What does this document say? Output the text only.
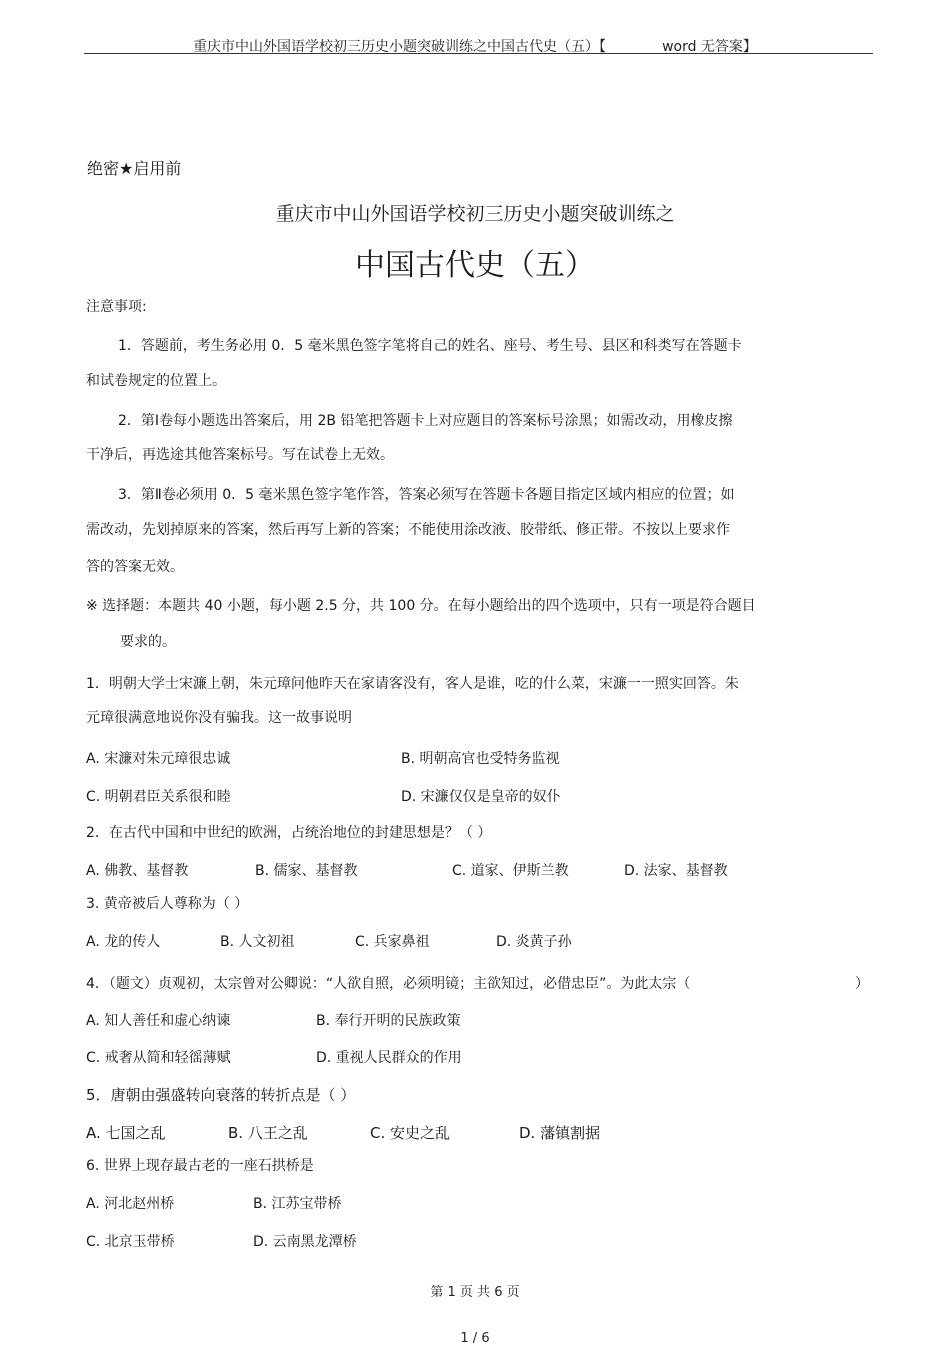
重庆市中山外国语学校初三历史小题突破训练之中国古代史（五）【	word 无答案】
绝密★启用前
重庆市中山外国语学校初三历史小题突破训练之
中国古代史（五）
注意事项:
1．答题前，考生务必用 0．5 毫米黑色签字笔将自己的姓名、座号、考生号、县区和科类写在答题卡
和试卷规定的位置上。
2．第Ⅰ卷每小题选出答案后，用 2B 铅笔把答题卡上对应题目的答案标号涂黑；如需改动，用橡皮擦
干净后，再选途其他答案标号。写在试卷上无效。
3．第Ⅱ卷必须用 0．5 毫米黑色签字笔作答，答案必须写在答题卡各题目指定区域内相应的位置；如
需改动，先划掉原来的答案，然后再写上新的答案；不能使用涂改液、胶带纸、修正带。不按以上要求作
答的答案无效。
※ 选择题：本题共 40 小题，每小题 2.5 分，共 100 分。在每小题给出的四个选项中，只有一项是符合题目
要求的。
1．明朝大学士宋濂上朝，朱元璋问他昨天在家请客没有，客人是谁，吃的什么菜，宋濂一一照实回答。朱
元璋很满意地说你没有骗我。这一故事说明
A. 宋濂对朱元璋很忠诚	B. 明朝高官也受特务监视
C. 明朝君臣关系很和睦	D. 宋濂仅仅是皇帝的奴仆
2．在古代中国和中世纪的欧洲，占统治地位的封建思想是？（ ）
A. 佛教、基督教	B. 儒家、基督教	C. 道家、伊斯兰教	D. 法家、基督教
3. 黄帝被后人尊称为（ ）
A. 龙的传人	B. 人文初祖	C. 兵家鼻祖	D. 炎黄子孙
4．（题文）贞观初，太宗曾对公卿说：“人欲自照，必须明镜；主欲知过，必借忠臣”。为此太宗（	）
A. 知人善任和虚心纳谏	B. 奉行开明的民族政策
C. 戒奢从简和轻徭薄赋	D. 重视人民群众的作用
5．唐朝由强盛转向衰落的转折点是（ ）
A. 七国之乱	B. 八王之乱	C. 安史之乱	D. 藩镇割据
6. 世界上现存最古老的一座石拱桥是
A. 河北赵州桥	B. 江苏宝带桥
C. 北京玉带桥	D. 云南黑龙潭桥
第 1 页 共 6 页
1 / 6
